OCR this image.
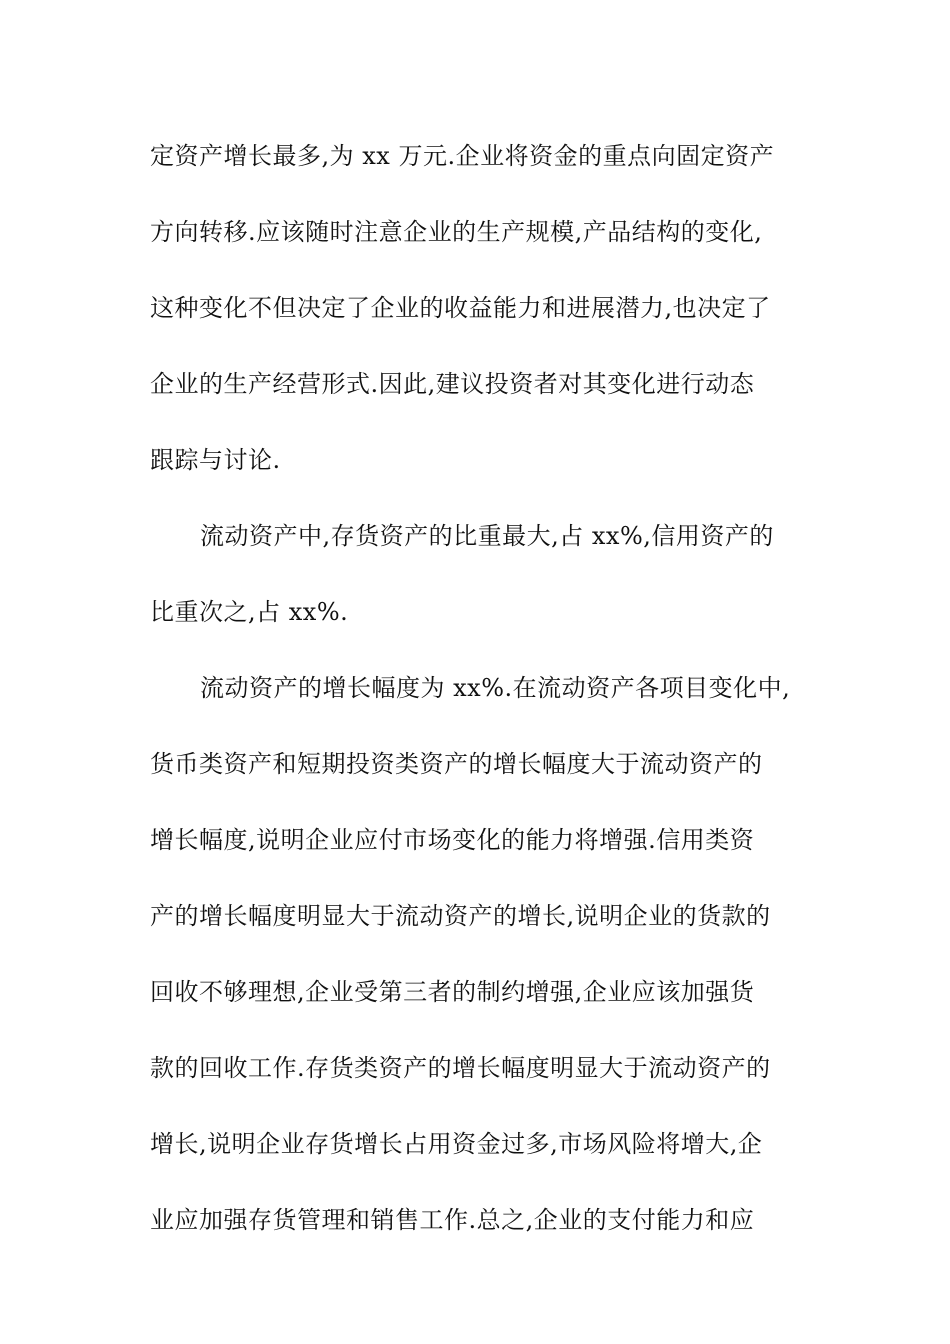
定资产增长最多,为 xx 万元.企业将资金的重点向固定资产
方向转移.应该随时注意企业的生产规模,产品结构的变化,
这种变化不但决定了企业的收益能力和进展潜力,也决定了
企业的生产经营形式.因此,建议投资者对其变化进行动态
跟踪与讨论.
流动资产中,存货资产的比重最大,占 xx%,信用资产的
比重次之,占 xx%.
流动资产的增长幅度为 xx%.在流动资产各项目变化中,
货币类资产和短期投资类资产的增长幅度大于流动资产的
增长幅度,说明企业应付市场变化的能力将增强.信用类资
产的增长幅度明显大于流动资产的增长,说明企业的货款的
回收不够理想,企业受第三者的制约增强,企业应该加强货
款的回收工作.存货类资产的增长幅度明显大于流动资产的
增长,说明企业存货增长占用资金过多,市场风险将增大,企
业应加强存货管理和销售工作.总之,企业的支付能力和应
